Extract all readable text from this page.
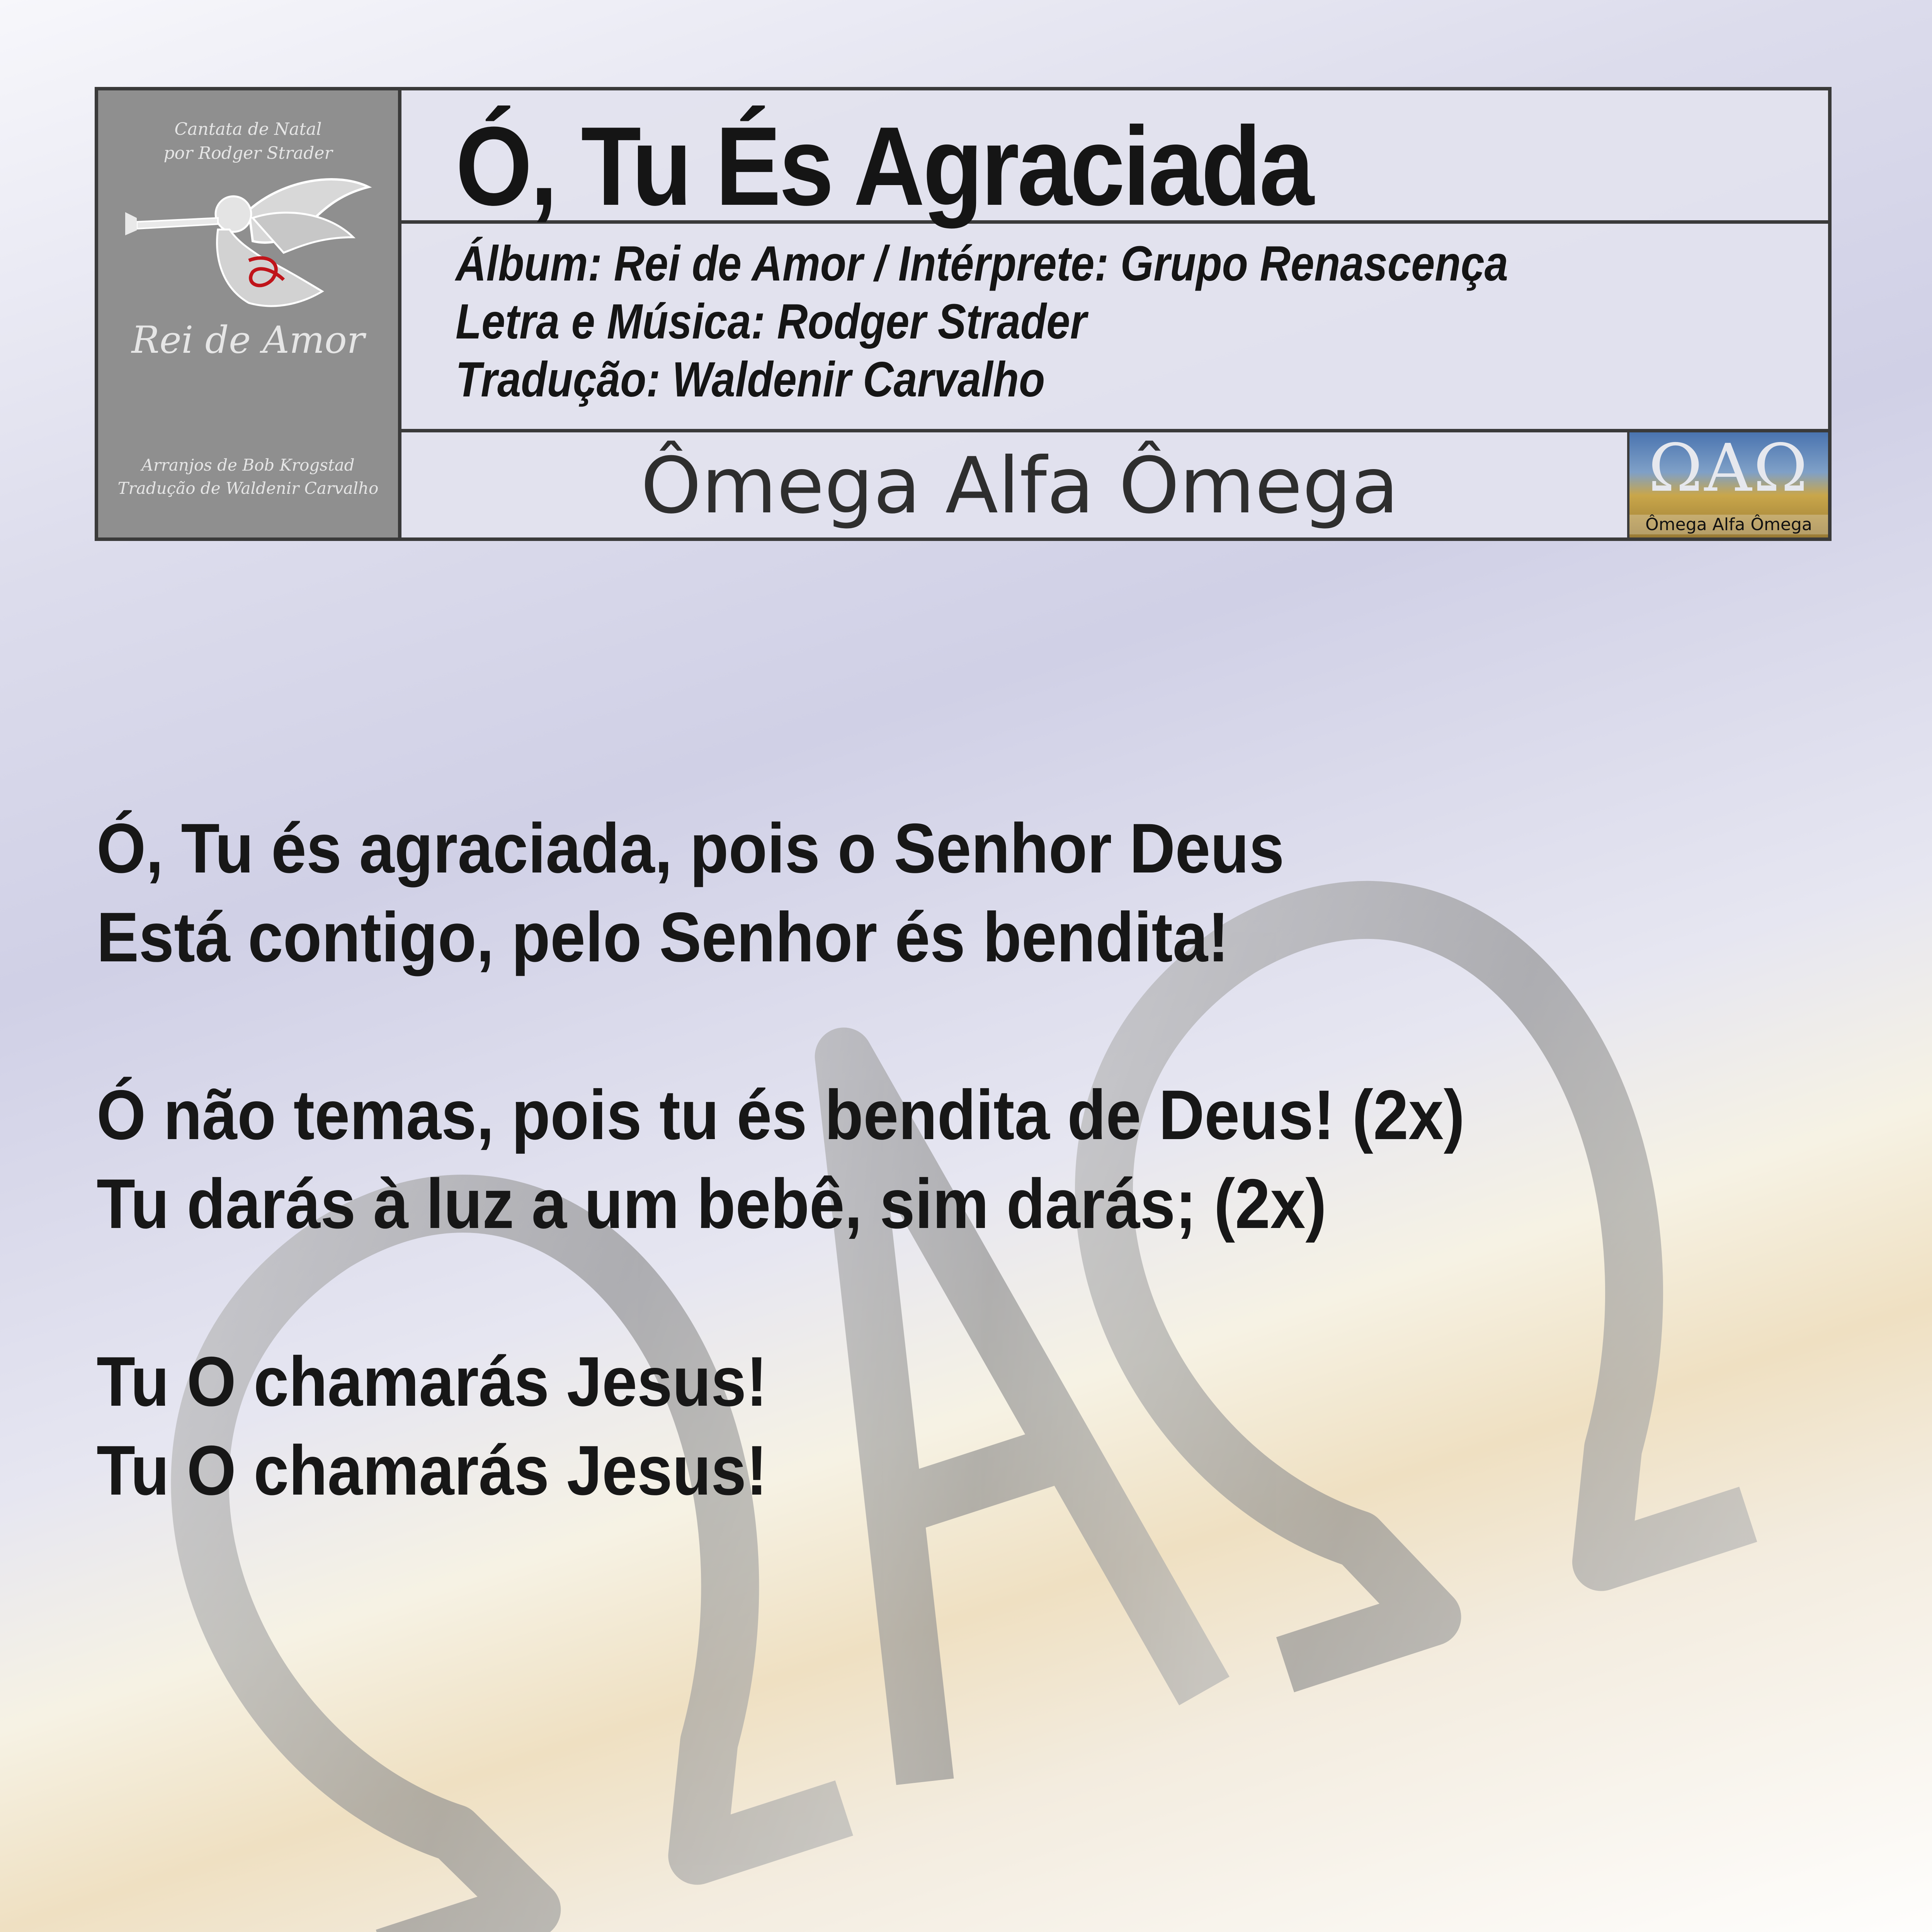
Cantata de Natal
por Rodger Strader
Rei de Amor
Arranjos de Bob Krogstad
Tradução de Waldenir Carvalho
Ó, Tu És Agraciada
Álbum: Rei de Amor / Intérprete: Grupo Renascença
Letra e Música: Rodger Strader
Tradução: Waldenir Carvalho
Ômega Alfa Ômega	ΩΑΩ
Ômega Alfa Ômega
Ó, Tu és agraciada, pois o Senhor Deus
Está contigo, pelo Senhor és bendita!
Ó não temas, pois tu és bendita de Deus! (2x)
Tu darás à luz a um bebê, sim darás; (2x)
Tu O chamarás Jesus!
Tu O chamarás Jesus!
